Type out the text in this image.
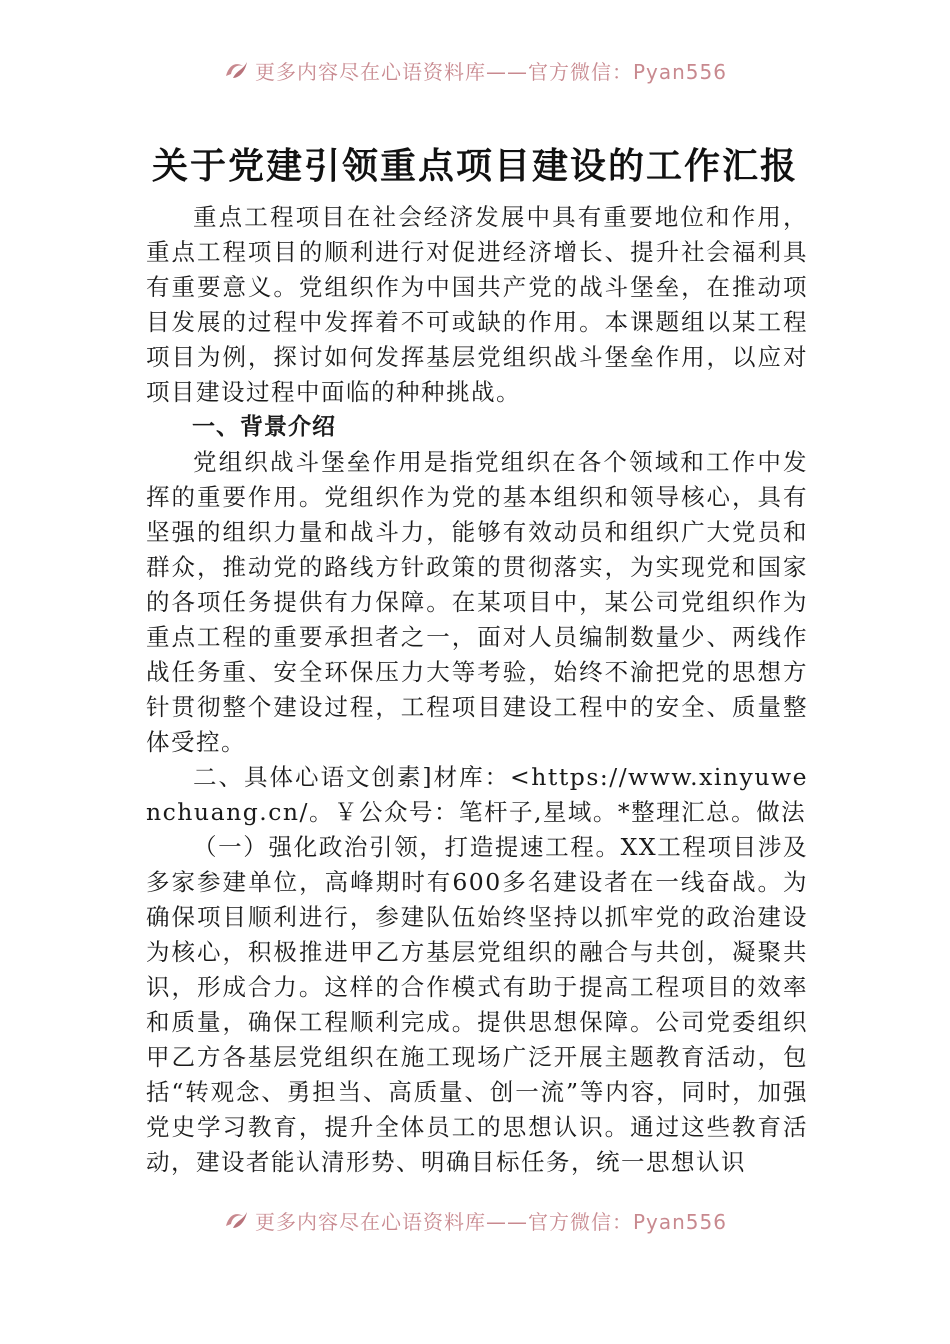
更多内容尽在心语资料库——官方微信：Pyan556
关于党建引领重点项目建设的工作汇报

重点工程项目在社会经济发展中具有重要地位和作用，重点工程项目的顺利进行对促进经济增长、提升社会福利具有重要意义。党组织作为中国共产党的战斗堡垒，在推动项目发展的过程中发挥着不可或缺的作用。本课题组以某工程项目为例，探讨如何发挥基层党组织战斗堡垒作用，以应对项目建设过程中面临的种种挑战。

一、背景介绍

党组织战斗堡垒作用是指党组织在各个领域和工作中发挥的重要作用。党组织作为党的基本组织和领导核心，具有坚强的组织力量和战斗力，能够有效动员和组织广大党员和群众，推动党的路线方针政策的贯彻落实，为实现党和国家的各项任务提供有力保障。在某项目中，某公司党组织作为重点工程的重要承担者之一，面对人员编制数量少、两线作战任务重、安全环保压力大等考验，始终不渝把党的思想方针贯彻整个建设过程，工程项目建设工程中的安全、质量整体受控。

二、具体心语文创素]材库：<https://www.xinyuwenchuang.cn/。￥公众号：笔杆子,星域。*整理汇总。做法

（一）强化政治引领，打造提速工程。XX工程项目涉及多家参建单位，高峰期时有600多名建设者在一线奋战。为确保项目顺利进行，参建队伍始终坚持以抓牢党的政治建设为核心，积极推进甲乙方基层党组织的融合与共创，凝聚共识，形成合力。这样的合作模式有助于提高工程项目的效率和质量，确保工程顺利完成。提供思想保障。公司党委组织甲乙方各基层党组织在施工现场广泛开展主题教育活动，包括“转观念、勇担当、高质量、创一流”等内容，同时，加强党史学习教育，提升全体员工的思想认识。通过这些教育活动，建设者能认清形势、明确目标任务，统一思想认识

更多内容尽在心语资料库——官方微信：Pyan556
